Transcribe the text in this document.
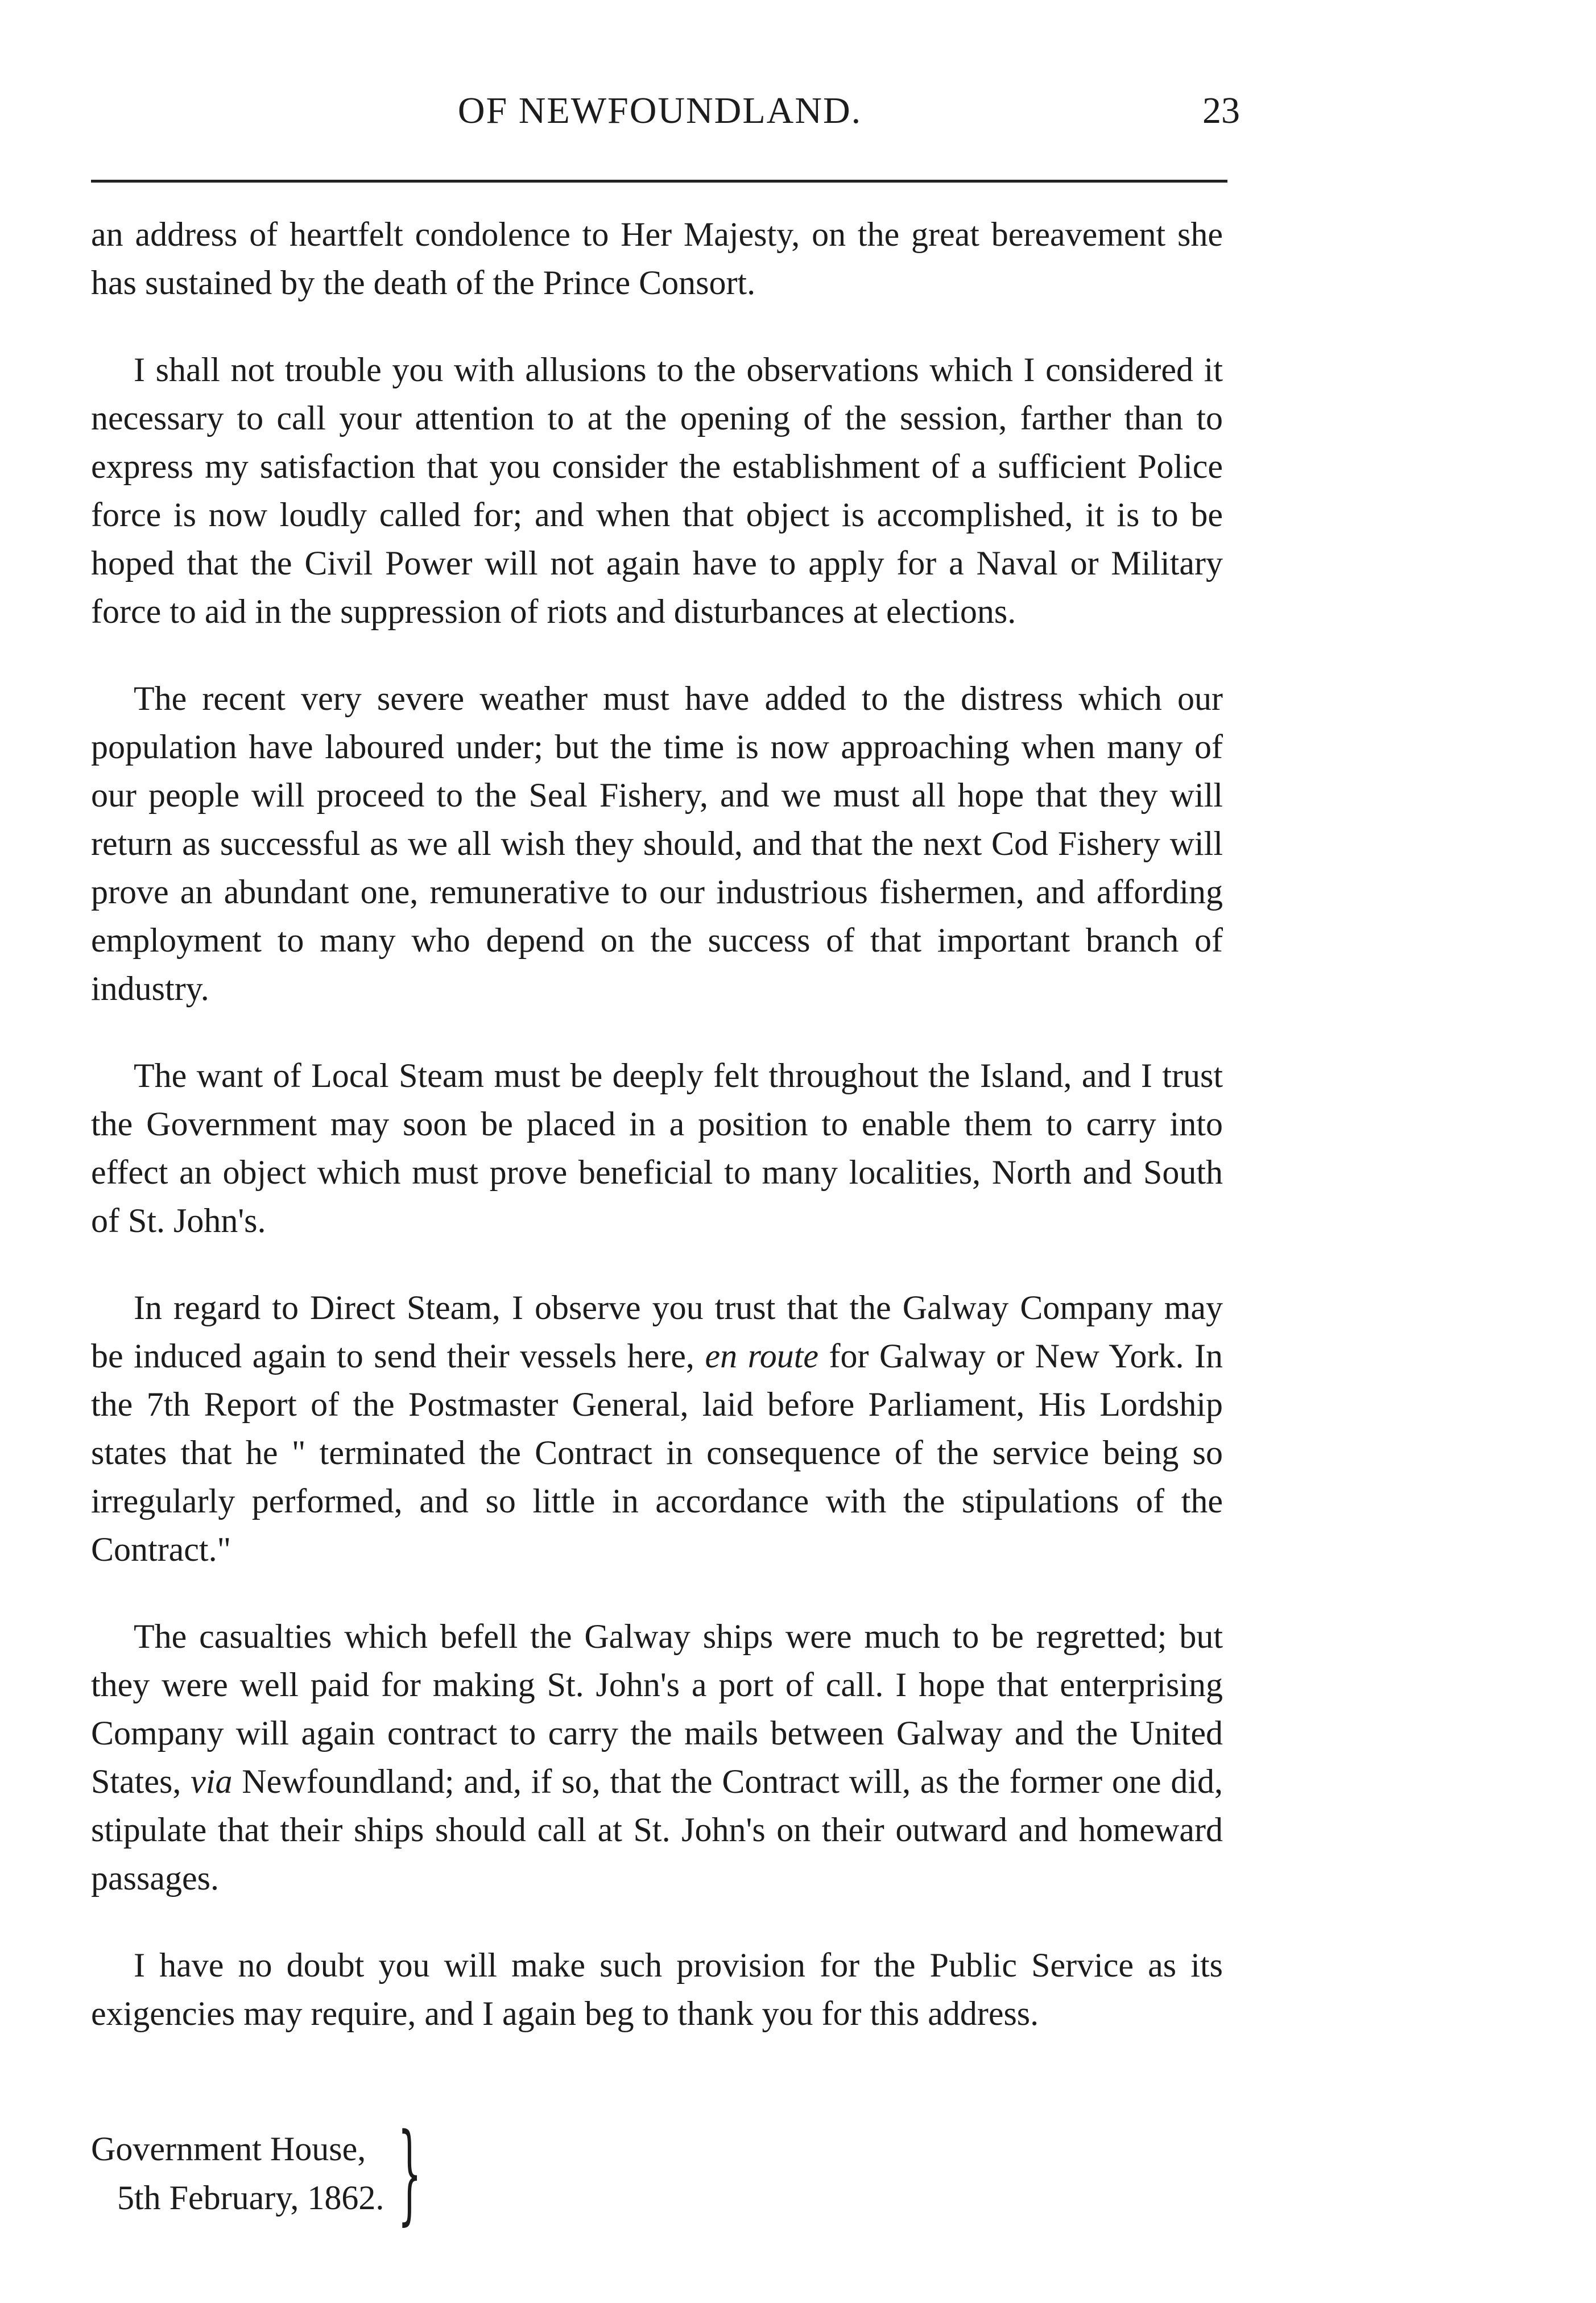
OF NEWFOUNDLAND.	23

an address of heartfelt condolence to Her Majesty, on the great bereavement she has sustained by the death of the Prince Consort.

I shall not trouble you with allusions to the observations which I considered it necessary to call your attention to at the opening of the session, farther than to express my satisfaction that you consider the establishment of a sufficient Police force is now loudly called for; and when that object is accomplished, it is to be hoped that the Civil Power will not again have to apply for a Naval or Military force to aid in the suppression of riots and disturbances at elections.

The recent very severe weather must have added to the distress which our population have laboured under; but the time is now approaching when many of our people will proceed to the Seal Fishery, and we must all hope that they will return as successful as we all wish they should, and that the next Cod Fishery will prove an abundant one, remunerative to our industrious fishermen, and affording employment to many who depend on the success of that important branch of industry.

The want of Local Steam must be deeply felt throughout the Island, and I trust the Government may soon be placed in a position to enable them to carry into effect an object which must prove beneficial to many localities, North and South of St. John's.

In regard to Direct Steam, I observe you trust that the Galway Company may be induced again to send their vessels here, en route for Galway or New York. In the 7th Report of the Postmaster General, laid before Parliament, His Lordship states that he " terminated the Contract in consequence of the service being so irregularly performed, and so little in accordance with the stipulations of the Contract."

The casualties which befell the Galway ships were much to be regretted; but they were well paid for making St. John's a port of call. I hope that enterprising Company will again contract to carry the mails between Galway and the United States, via Newfoundland; and, if so, that the Contract will, as the former one did, stipulate that their ships should call at St. John's on their outward and homeward passages.

I have no doubt you will make such provision for the Public Service as its exigencies may require, and I again beg to thank you for this address.

Government House,
5th February, 1862. }
